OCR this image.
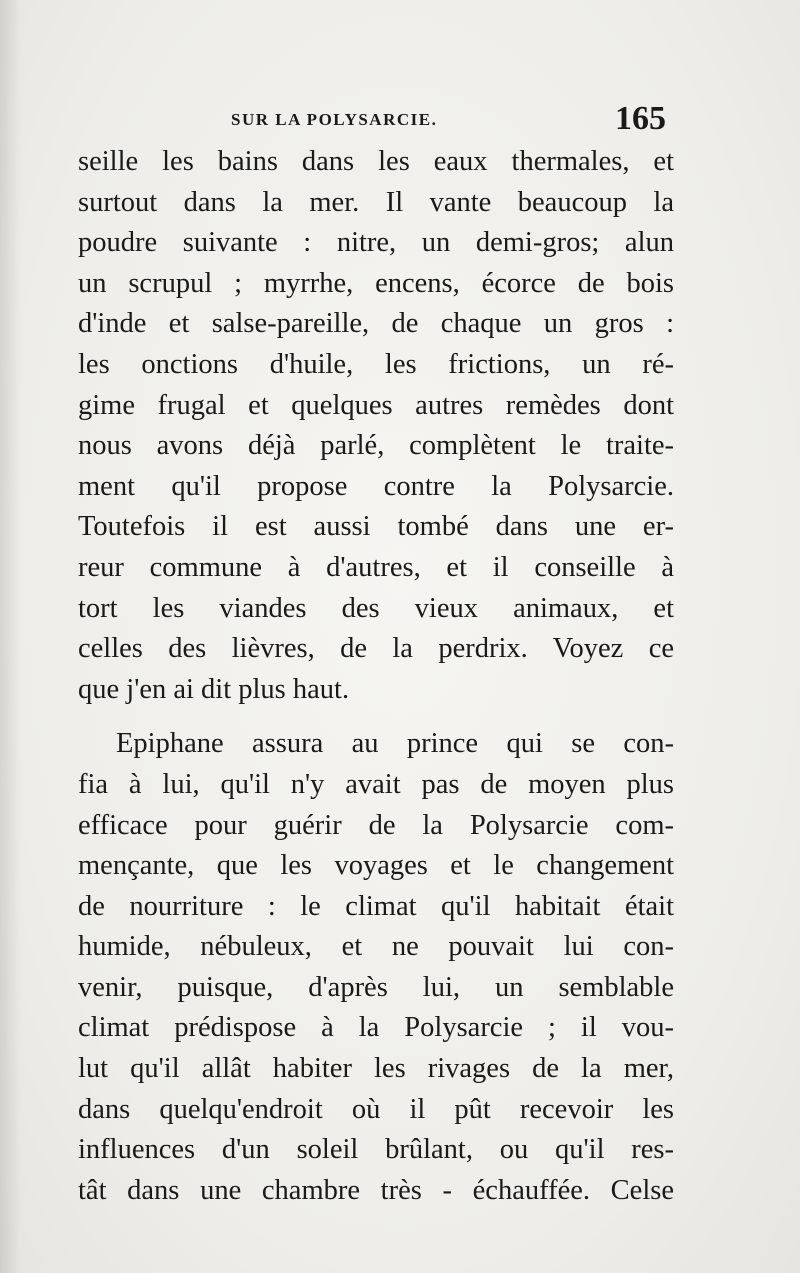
SUR LA POLYSARCIE.	165
seille les bains dans les eaux thermales, et
surtout dans la mer. Il vante beaucoup la
poudre suivante : nitre, un demi-gros; alun
un scrupul ; myrrhe, encens, écorce de bois
d'inde et salse-pareille, de chaque un gros :
les onctions d'huile, les frictions, un ré-
gime frugal et quelques autres remèdes dont
nous avons déjà parlé, complètent le traite-
ment qu'il propose contre la Polysarcie.
Toutefois il est aussi tombé dans une er-
reur commune à d'autres, et il conseille à
tort les viandes des vieux animaux, et
celles des lièvres, de la perdrix. Voyez ce
que j'en ai dit plus haut.
Epiphane assura au prince qui se con-
fia à lui, qu'il n'y avait pas de moyen plus
efficace pour guérir de la Polysarcie com-
mençante, que les voyages et le changement
de nourriture : le climat qu'il habitait était
humide, nébuleux, et ne pouvait lui con-
venir, puisque, d'après lui, un semblable
climat prédispose à la Polysarcie ; il vou-
lut qu'il allât habiter les rivages de la mer,
dans quelqu'endroit où il pût recevoir les
influences d'un soleil brûlant, ou qu'il res-
tât dans une chambre très - échauffée. Celse
